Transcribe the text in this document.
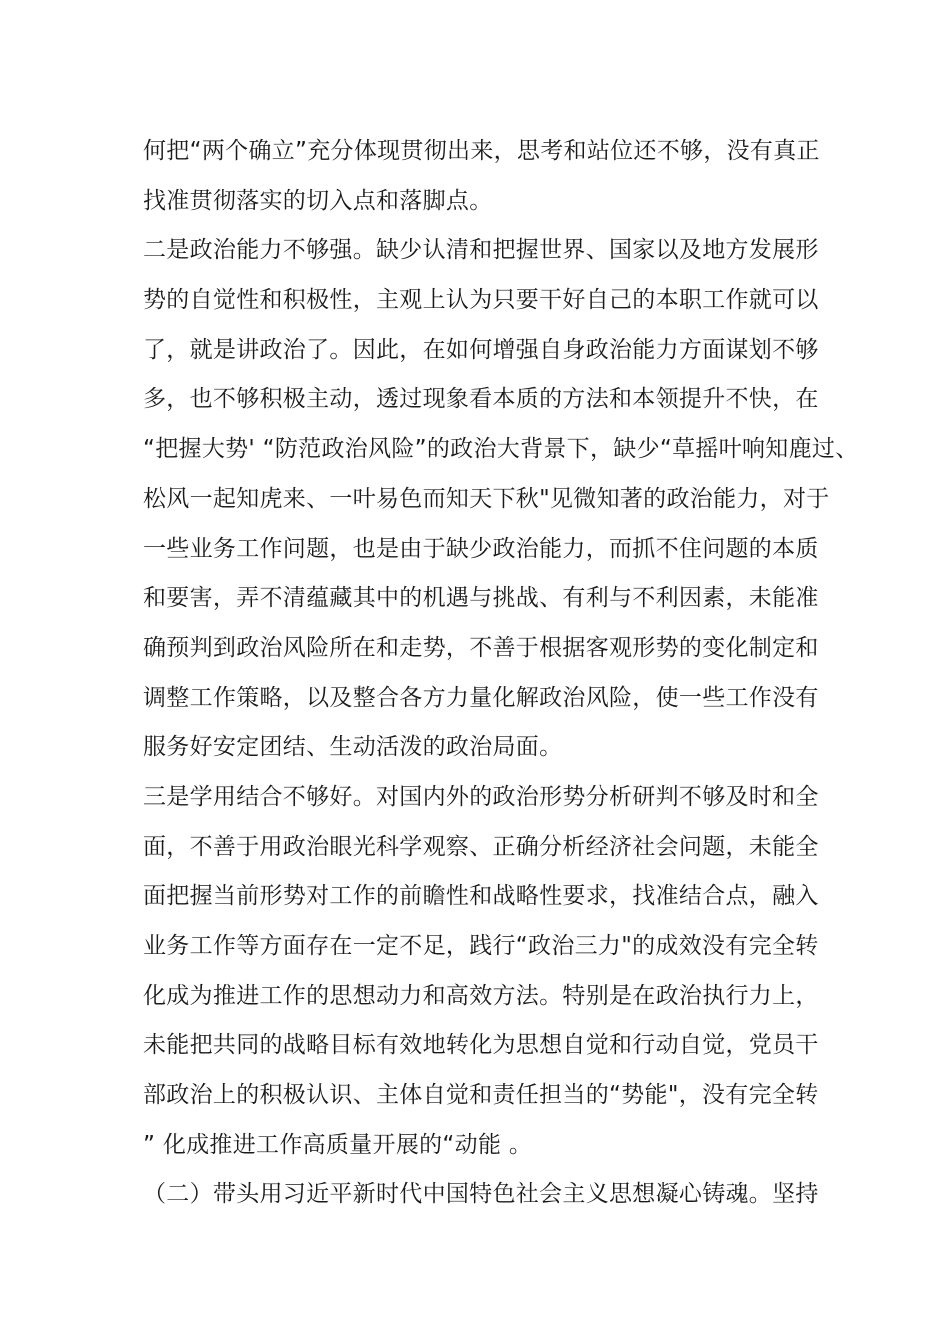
何把“两个确立”充分体现贯彻出来，思考和站位还不够，没有真正
找准贯彻落实的切入点和落脚点。
二是政治能力不够强。缺少认清和把握世界、国家以及地方发展形
势的自觉性和积极性，主观上认为只要干好自己的本职工作就可以
了，就是讲政治了。因此，在如何增强自身政治能力方面谋划不够
多，也不够积极主动，透过现象看本质的方法和本领提升不快，在
“把握大势' “防范政治风险”的政治大背景下，缺少“草摇叶响知鹿过、
松风一起知虎来、一叶易色而知天下秋"见微知著的政治能力，对于
一些业务工作问题，也是由于缺少政治能力，而抓不住问题的本质
和要害，弄不清蕴藏其中的机遇与挑战、有利与不利因素，未能准
确预判到政治风险所在和走势，不善于根据客观形势的变化制定和
调整工作策略，以及整合各方力量化解政治风险，使一些工作没有
服务好安定团结、生动活泼的政治局面。
三是学用结合不够好。对国内外的政治形势分析研判不够及时和全
面，不善于用政治眼光科学观察、正确分析经济社会问题，未能全
面把握当前形势对工作的前瞻性和战略性要求，找准结合点，融入
业务工作等方面存在一定不足，践行“政治三力"的成效没有完全转
化成为推进工作的思想动力和高效方法。特别是在政治执行力上，
未能把共同的战略目标有效地转化为思想自觉和行动自觉，党员干
部政治上的积极认识、主体自觉和责任担当的“势能"，没有完全转
” 化成推进工作高质量开展的“动能 。
（二）带头用习近平新时代中国特色社会主义思想凝心铸魂。坚持
